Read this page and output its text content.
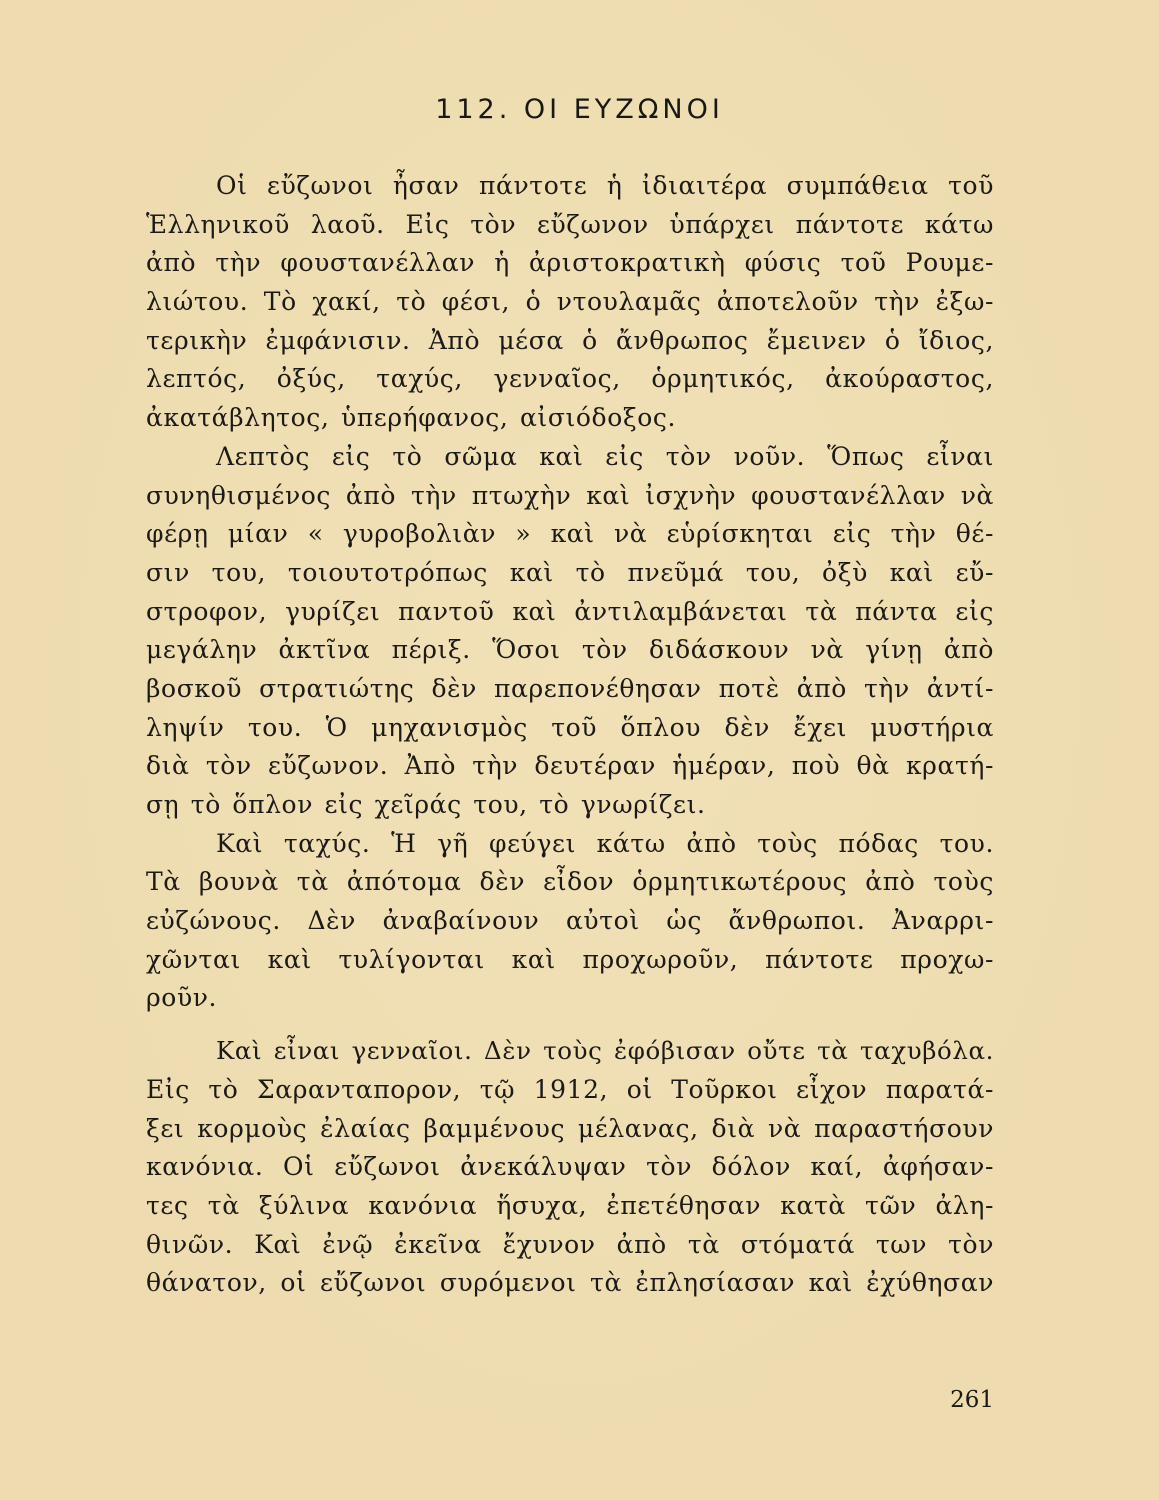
112. ΟΙ ΕΥΖΩΝΟΙ
Οἱ εὔζωνοι ἦσαν πάντοτε ἡ ἰδιαιτέρα συμπάθεια τοῦ
Ἑλληνικοῦ λαοῦ. Εἰς τὸν εὔζωνον ὑπάρχει πάντοτε κάτω
ἀπὸ τὴν φουστανέλλαν ἡ ἀριστοκρατικὴ φύσις τοῦ Ρουμε-
λιώτου. Τὸ χακί, τὸ φέσι, ὁ ντουλαμᾶς ἀποτελοῦν τὴν ἐξω-
τερικὴν ἐμφάνισιν. Ἀπὸ μέσα ὁ ἄνθρωπος ἔμεινεν ὁ ἴδιος,
λεπτός, ὀξύς, ταχύς, γενναῖος, ὁρμητικός, ἀκούραστος,
ἀκατάβλητος, ὑπερήφανος, αἰσιόδοξος.
Λεπτὸς εἰς τὸ σῶμα καὶ εἰς τὸν νοῦν. Ὅπως εἶναι
συνηθισμένος ἀπὸ τὴν πτωχὴν καὶ ἰσχνὴν φουστανέλλαν νὰ
φέρῃ μίαν « γυροβολιὰν » καὶ νὰ εὑρίσκηται εἰς τὴν θέ-
σιν του, τοιουτοτρόπως καὶ τὸ πνεῦμά του, ὀξὺ καὶ εὔ-
στροφον, γυρίζει παντοῦ καὶ ἀντιλαμβάνεται τὰ πάντα εἰς
μεγάλην ἀκτῖνα πέριξ. Ὅσοι τὸν διδάσκουν νὰ γίνῃ ἀπὸ
βοσκοῦ στρατιώτης δὲν παρεπονέθησαν ποτὲ ἀπὸ τὴν ἀντί-
ληψίν του. Ὁ μηχανισμὸς τοῦ ὅπλου δὲν ἔχει μυστήρια
διὰ τὸν εὔζωνον. Ἀπὸ τὴν δευτέραν ἡμέραν, ποὺ θὰ κρατή-
σῃ τὸ ὅπλον εἰς χεῖράς του, τὸ γνωρίζει.
Καὶ ταχύς. Ἡ γῆ φεύγει κάτω ἀπὸ τοὺς πόδας του.
Τὰ βουνὰ τὰ ἀπότομα δὲν εἶδον ὁρμητικωτέρους ἀπὸ τοὺς
εὐζώνους. Δὲν ἀναβαίνουν αὐτοὶ ὡς ἄνθρωποι. Ἀναρρι-
χῶνται καὶ τυλίγονται καὶ προχωροῦν, πάντοτε προχω-
ροῦν.
Καὶ εἶναι γενναῖοι. Δὲν τοὺς ἐφόβισαν οὔτε τὰ ταχυβόλα.
Εἰς τὸ Σαρανταπορον, τῷ 1912, οἱ Τοῦρκοι εἶχον παρατά-
ξει κορμοὺς ἐλαίας βαμμένους μέλανας, διὰ νὰ παραστήσουν
κανόνια. Οἱ εὔζωνοι ἀνεκάλυψαν τὸν δόλον καί, ἀφήσαν-
τες τὰ ξύλινα κανόνια ἥσυχα, ἐπετέθησαν κατὰ τῶν ἀλη-
θινῶν. Καὶ ἐνῷ ἐκεῖνα ἔχυνον ἀπὸ τὰ στόματά των τὸν
θάνατον, οἱ εὔζωνοι συρόμενοι τὰ ἐπλησίασαν καὶ ἐχύθησαν
261
